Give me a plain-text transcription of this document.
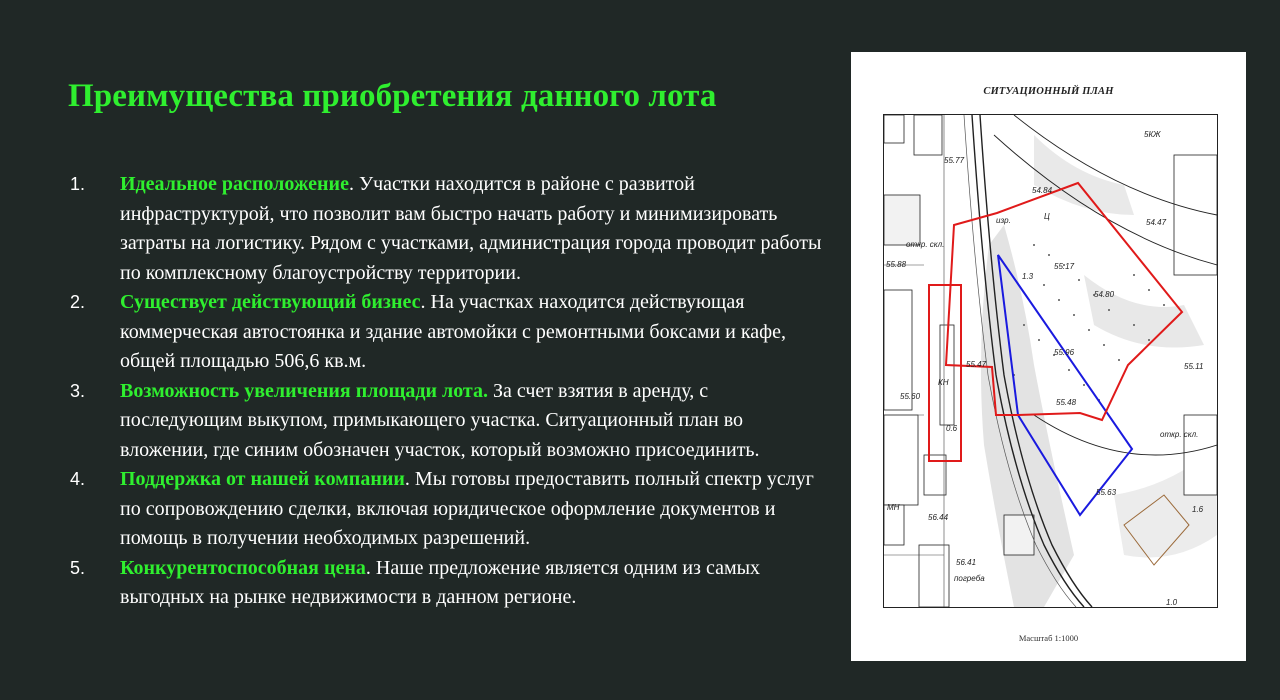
Преимущества приобретения данного лота
1. Идеальное расположение. Участки находится в районе с развитой инфраструктурой, что позволит вам быстро начать работу и минимизировать затраты на логистику. Рядом с участками, администрация города проводит работы по комплексному благоустройству территории.

2. Существует действующий бизнес. На участках находится действующая коммерческая автостоянка и здание автомойки с ремонтными боксами и кафе, общей площадью 506,6 кв.м.

3. Возможность увеличения площади лота. За счет взятия в аренду, с последующим выкупом, примыкающего участка. Ситуационный план во вложении, где синим обозначен участок, который возможно присоединить.

4. Поддержка от нашей компании. Мы готовы предоставить полный спектр услуг по сопровождению сделки, включая юридическое оформление документов и помощь в получении необходимых разрешений.

5. Конкурентоспособная цена. Наше предложение является одним из самых выгодных на рынке недвижимости в данном регионе.

СИТУАЦИОННЫЙ ПЛАН
55.77
5КЖ
54.84
54.47
55.88	55.17
54.80
55.96
55.11
55.47
55.60
55.48
0.6
55.63
56.44
56.41
1.6
1.0
МН
КН
изр.
откр. скл.
погреба
Ц
1.3
откр. скл.
Масштаб 1:1000
